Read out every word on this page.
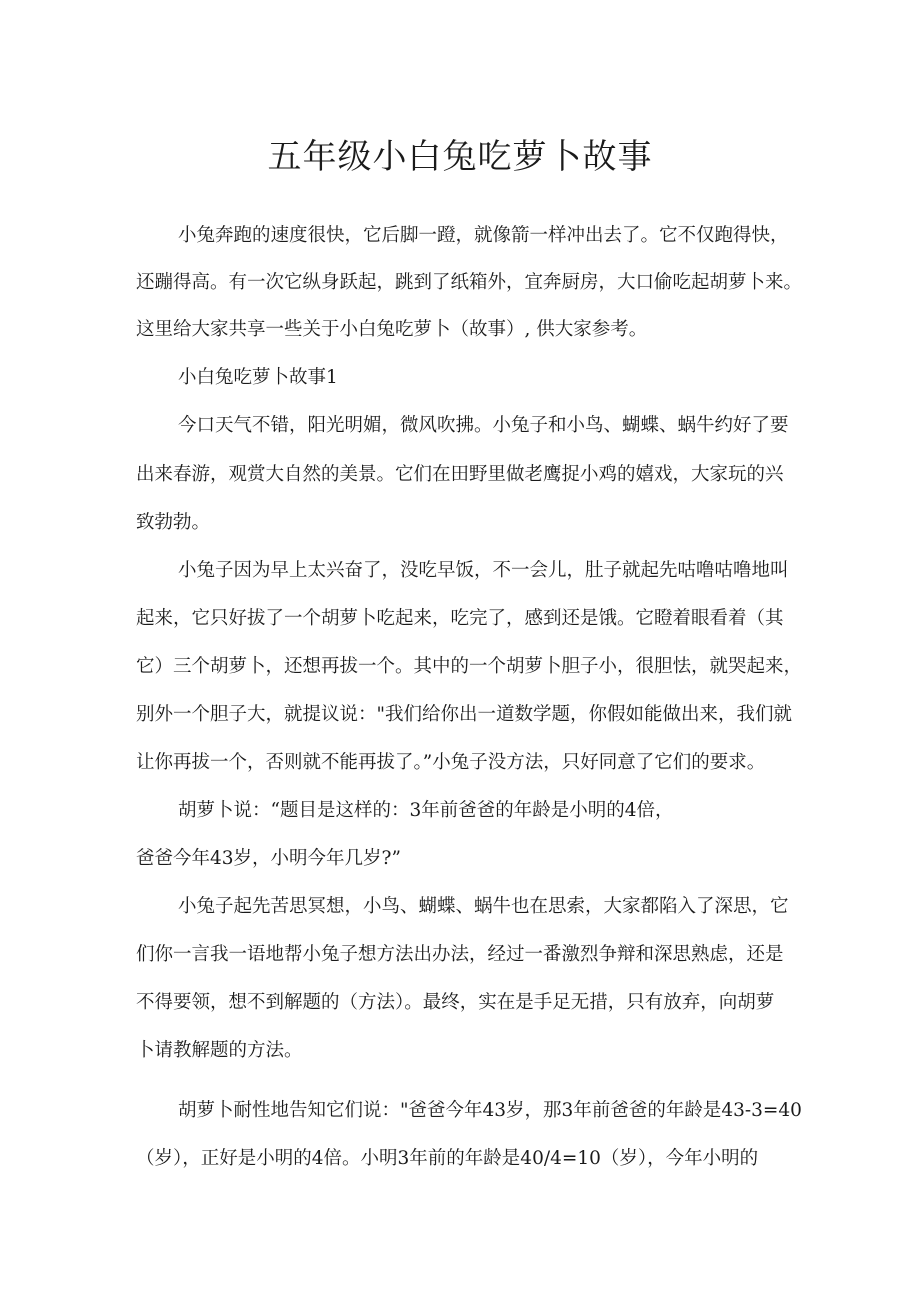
五年级小白兔吃萝卜故事
小兔奔跑的速度很快，它后脚一蹬，就像箭一样冲出去了。它不仅跑得快，
还蹦得高。有一次它纵身跃起，跳到了纸箱外，宜奔厨房，大口偷吃起胡萝卜来。
这里给大家共享一些关于小白兔吃萝卜（故事）, 供大家参考。
小白兔吃萝卜故事1
今口天气不错，阳光明媚，微风吹拂。小兔子和小鸟、蝴蝶、蜗牛约好了要
出来春游，观赏大自然的美景。它们在田野里做老鹰捉小鸡的嬉戏，大家玩的兴
致勃勃。
小兔子因为早上太兴奋了，没吃早饭，不一会儿，肚子就起先咕噜咕噜地叫
起来，它只好拔了一个胡萝卜吃起来，吃完了，感到还是饿。它瞪着眼看着（其
它）三个胡萝卜，还想再拔一个。其中的一个胡萝卜胆子小，很胆怯，就哭起来，
别外一个胆子大，就提议说："我们给你出一道数学题，你假如能做出来，我们就
让你再拔一个，否则就不能再拔了。”小兔子没方法，只好同意了它们的要求。
胡萝卜说：“题目是这样的：3年前爸爸的年龄是小明的4倍，
爸爸今年43岁，小明今年几岁?”
小兔子起先苦思冥想，小鸟、蝴蝶、蜗牛也在思索，大家都陷入了深思，它
们你一言我一语地帮小兔子想方法出办法，经过一番激烈争辩和深思熟虑，还是
不得要领，想不到解题的（方法）。最终，实在是手足无措，只有放弃，向胡萝
卜请教解题的方法。
胡萝卜耐性地告知它们说："爸爸今年43岁，那3年前爸爸的年龄是43-3=40
（岁），正好是小明的4倍。小明3年前的年龄是40/4=10（岁），今年小明的
